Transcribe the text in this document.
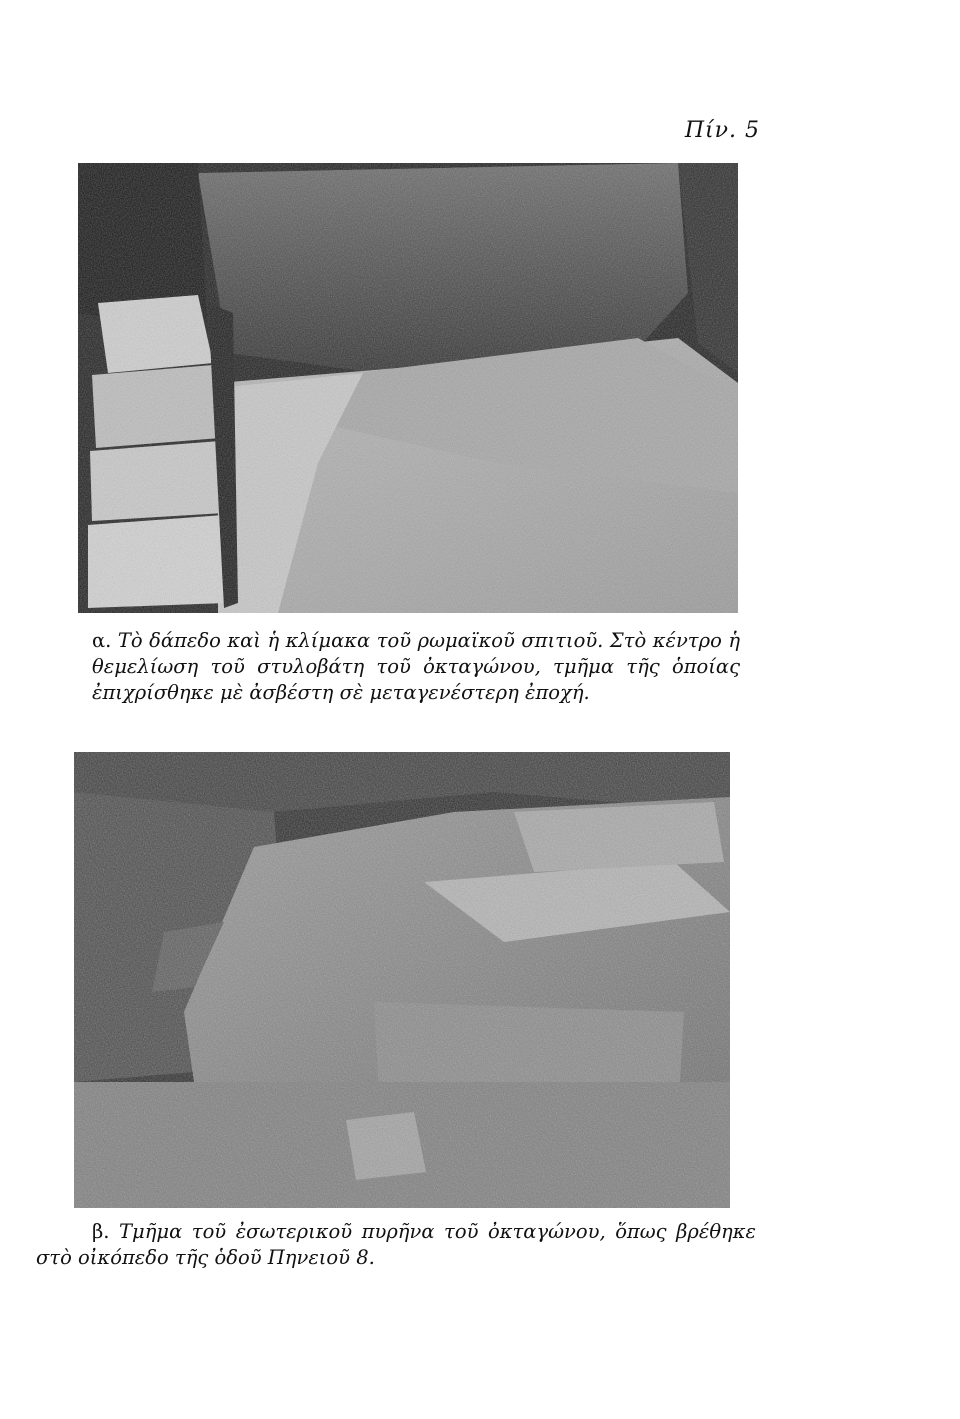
Πίν. 5

α. Τὸ δάπεδο καὶ ἡ κλίμακα τοῦ ρωμαϊκοῦ σπιτιοῦ. Στὸ κέντρο ἡ θεμελίωση τοῦ στυλοβάτη τοῦ ὀκταγώνου, τμῆμα τῆς ὁποίας ἐπιχρίσθηκε μὲ ἀσβέστη σὲ μεταγενέστερη ἐποχή.

β. Τμῆμα τοῦ ἐσωτερικοῦ πυρῆνα τοῦ ὀκταγώνου, ὅπως βρέθηκε στὸ οἰκόπεδο τῆς ὁδοῦ Πηνειοῦ 8.
